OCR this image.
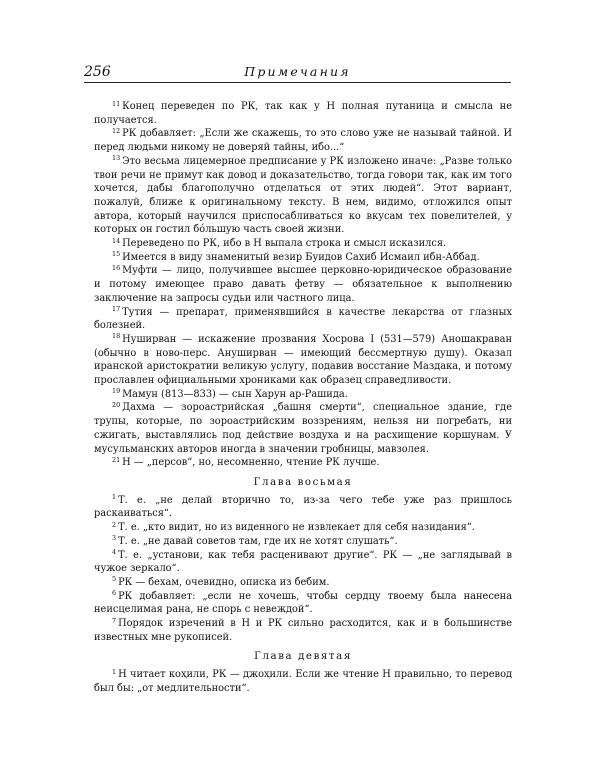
256	Примечания

$^{11}$ Конец переведен по РК, так как у Н полная путаница и смысла не получается.

$^{12}$ РК добавляет: „Если же скажешь, то это слово уже не называй тайной. И перед людьми никому не доверяй тайны, ибо...“

$^{13}$ Это весьма лицемерное предписание у РК изложено иначе: „Разве только твои речи не примут как довод и доказательство, тогда говори так, как им того хочется, дабы благополучно отделаться от этих людей“. Этот вариант, пожалуй, ближе к оригинальному тексту. В нем, видимо, отложился опыт автора, который научился приспосабливаться ко вкусам тех повелителей, у которых он гостил бóльшую часть своей жизни.

$^{14}$ Переведено по РК, ибо в Н выпала строка и смысл исказился.

$^{15}$ Имеется в виду знаменитый везир Буидов Сахиб Исмаил ибн-Аббад.

$^{16}$ Муфти — лицо, получившее высшее церковно-юридическое образование и потому имеющее право давать фетву — обязательное к выполнению заключение на запросы судьи или частного лица.

$^{17}$ Тутия — препарат, применявшийся в качестве лекарства от глазных болезней.

$^{18}$ Нуширван — искажение прозвания Хосрова I (531—579) Аношакраван (обычно в ново-перс. Ануширван — имеющий бессмертную душу). Оказал иранской аристократии великую услугу, подавив восстание Маздака, и потому прославлен официальными хрониками как образец справедливости.

$^{19}$ Мамун (813—833) — сын Харун ар-Рашида.

$^{20}$ Дахма — зороастрийская „башня смерти“, специальное здание, где трупы, которые, по зороастрийским воззрениям, нельзя ни погребать, ни сжигать, выставлялись под действие воздуха и на расхищение коршунам. У мусульманских авторов иногда в значении гробницы, мавзолея.

$^{21}$ Н — „персов“, но, несомненно, чтение РК лучше.

Глава восьмая

$^1$ Т. е. „не делай вторично то, из-за чего тебе уже раз пришлось раскаиваться“.

$^2$ Т. е. „кто видит, но из виденного не извлекает для себя назидания“.

$^3$ Т. е. „не давай советов там, где их не хотят слушать“.

$^4$ Т. е. „установи, как тебя расценивают другие“. РК — „не заглядывай в чужое зеркало“.

$^5$ РК — бехам, очевидно, описка из бебим.

$^6$ РК добавляет: „если не хочешь, чтобы сердцу твоему была нанесена неисцелимая рана, не спорь с невеждой“.

$^7$ Порядок изречений в Н и РК сильно расходится, как и в большинстве известных мне рукописей.

Глава девятая

$^1$ Н читает коҳили, РК — джоҳили. Если же чтение Н правильно, то перевод был бы: „от медлительности“.
